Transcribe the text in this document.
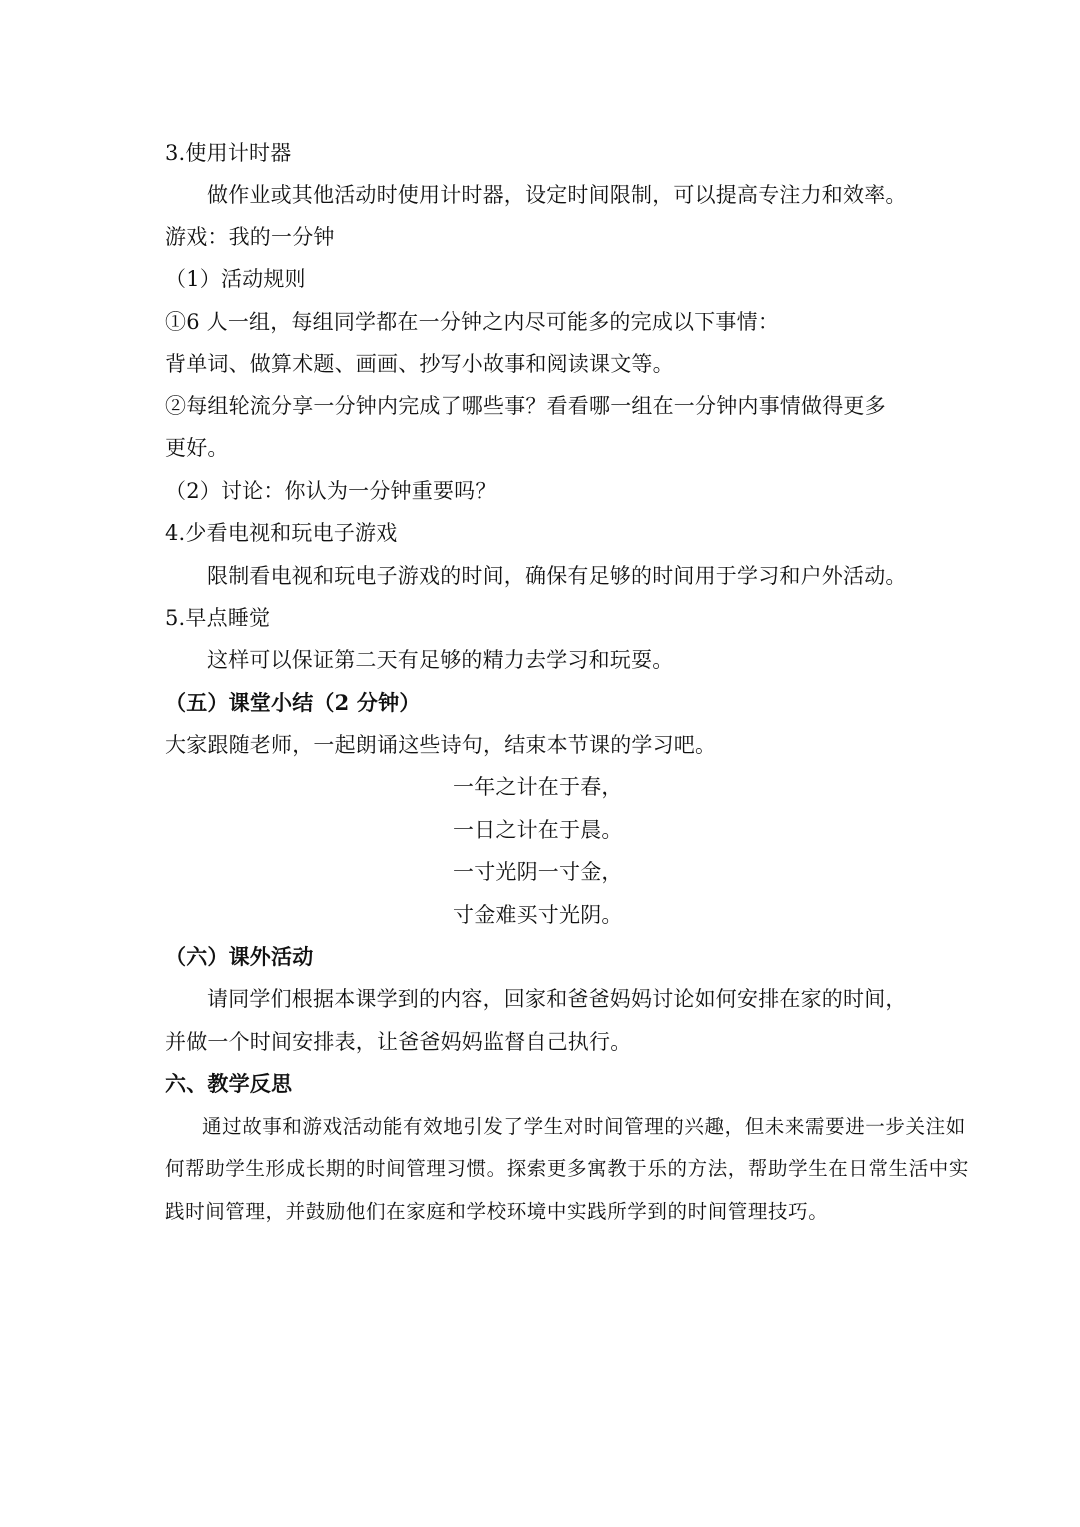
3.使用计时器
做作业或其他活动时使用计时器，设定时间限制，可以提高专注力和效率。
游戏：我的一分钟
（1）活动规则
①6 人一组，每组同学都在一分钟之内尽可能多的完成以下事情：
背单词、做算术题、画画、抄写小故事和阅读课文等。
②每组轮流分享一分钟内完成了哪些事？看看哪一组在一分钟内事情做得更多
更好。
（2）讨论：你认为一分钟重要吗？
4.少看电视和玩电子游戏
限制看电视和玩电子游戏的时间，确保有足够的时间用于学习和户外活动。
5.早点睡觉
这样可以保证第二天有足够的精力去学习和玩耍。
（五）课堂小结（2 分钟）
大家跟随老师，一起朗诵这些诗句，结束本节课的学习吧。
一年之计在于春，
一日之计在于晨。
一寸光阴一寸金，
寸金难买寸光阴。
（六）课外活动
请同学们根据本课学到的内容，回家和爸爸妈妈讨论如何安排在家的时间，
并做一个时间安排表，让爸爸妈妈监督自己执行。
六、教学反思
通过故事和游戏活动能有效地引发了学生对时间管理的兴趣，但未来需要进一步关注如
何帮助学生形成长期的时间管理习惯。探索更多寓教于乐的方法，帮助学生在日常生活中实
践时间管理，并鼓励他们在家庭和学校环境中实践所学到的时间管理技巧。
